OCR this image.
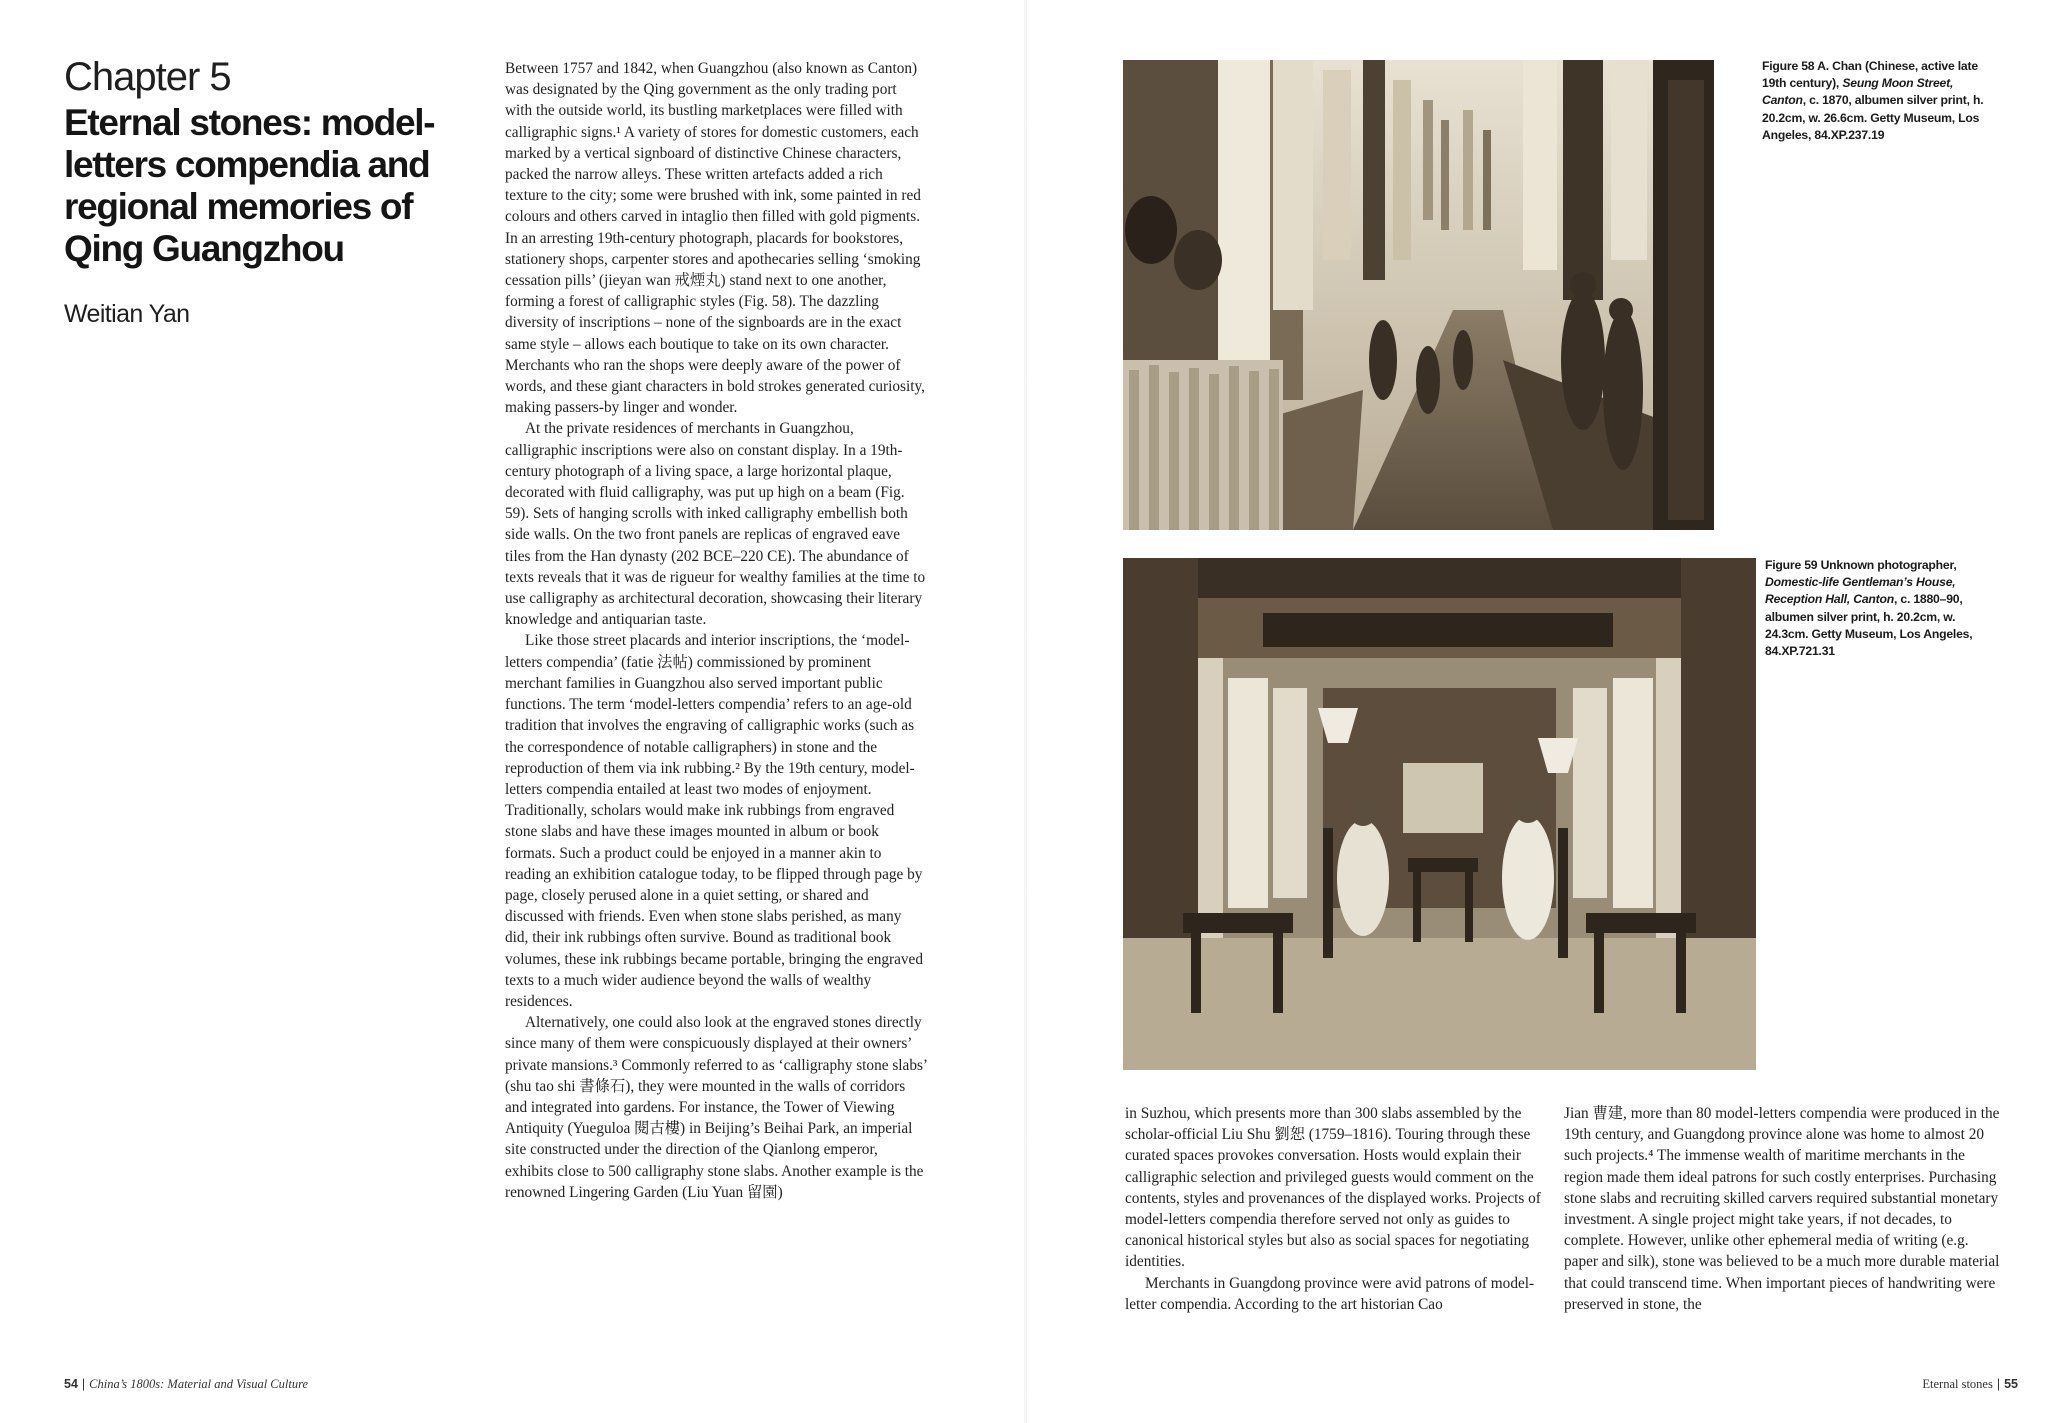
Chapter 5
Eternal stones: model-letters compendia and regional memories of Qing Guangzhou
Weitian Yan

Between 1757 and 1842, when Guangzhou (also known as Canton) was designated by the Qing government as the only trading port with the outside world, its bustling marketplaces were filled with calligraphic signs.¹ A variety of stores for domestic customers, each marked by a vertical signboard of distinctive Chinese characters, packed the narrow alleys. These written artefacts added a rich texture to the city; some were brushed with ink, some painted in red colours and others carved in intaglio then filled with gold pigments. In an arresting 19th-century photograph, placards for bookstores, stationery shops, carpenter stores and apothecaries selling ‘smoking cessation pills’ (jieyan wan 戒煙丸) stand next to one another, forming a forest of calligraphic styles (Fig. 58). The dazzling diversity of inscriptions – none of the signboards are in the exact same style – allows each boutique to take on its own character. Merchants who ran the shops were deeply aware of the power of words, and these giant characters in bold strokes generated curiosity, making passers-by linger and wonder.

At the private residences of merchants in Guangzhou, calligraphic inscriptions were also on constant display. In a 19th-century photograph of a living space, a large horizontal plaque, decorated with fluid calligraphy, was put up high on a beam (Fig. 59). Sets of hanging scrolls with inked calligraphy embellish both side walls. On the two front panels are replicas of engraved eave tiles from the Han dynasty (202 BCE–220 CE). The abundance of texts reveals that it was de rigueur for wealthy families at the time to use calligraphy as architectural decoration, showcasing their literary knowledge and antiquarian taste.

Like those street placards and interior inscriptions, the ‘model-letters compendia’ (fatie 法帖) commissioned by prominent merchant families in Guangzhou also served important public functions. The term ‘model-letters compendia’ refers to an age-old tradition that involves the engraving of calligraphic works (such as the correspondence of notable calligraphers) in stone and the reproduction of them via ink rubbing.² By the 19th century, model-letters compendia entailed at least two modes of enjoyment. Traditionally, scholars would make ink rubbings from engraved stone slabs and have these images mounted in album or book formats. Such a product could be enjoyed in a manner akin to reading an exhibition catalogue today, to be flipped through page by page, closely perused alone in a quiet setting, or shared and discussed with friends. Even when stone slabs perished, as many did, their ink rubbings often survive. Bound as traditional book volumes, these ink rubbings became portable, bringing the engraved texts to a much wider audience beyond the walls of wealthy residences.

Alternatively, one could also look at the engraved stones directly since many of them were conspicuously displayed at their owners’ private mansions.³ Commonly referred to as ‘calligraphy stone slabs’ (shu tao shi 書條石), they were mounted in the walls of corridors and integrated into gardens. For instance, the Tower of Viewing Antiquity (Yueguloa 閱古樓) in Beijing’s Beihai Park, an imperial site constructed under the direction of the Qianlong emperor, exhibits close to 500 calligraphy stone slabs. Another example is the renowned Lingering Garden (Liu Yuan 留園)

54 | China’s 1800s: Material and Visual Culture
Figure 58 A. Chan (Chinese, active late 19th century), Seung Moon Street, Canton, c. 1870, albumen silver print, h. 20.2cm, w. 26.6cm. Getty Museum, Los Angeles, 84.XP.237.19
Figure 59 Unknown photographer, Domestic-life Gentleman’s House, Reception Hall, Canton, c. 1880–90, albumen silver print, h. 20.2cm, w. 24.3cm. Getty Museum, Los Angeles, 84.XP.721.31

in Suzhou, which presents more than 300 slabs assembled by the scholar-official Liu Shu 劉恕 (1759–1816). Touring through these curated spaces provokes conversation. Hosts would explain their calligraphic selection and privileged guests would comment on the contents, styles and provenances of the displayed works. Projects of model-letters compendia therefore served not only as guides to canonical historical styles but also as social spaces for negotiating identities.

Merchants in Guangdong province were avid patrons of model-letter compendia. According to the art historian Cao

Jian 曹建, more than 80 model-letters compendia were produced in the 19th century, and Guangdong province alone was home to almost 20 such projects.⁴ The immense wealth of maritime merchants in the region made them ideal patrons for such costly enterprises. Purchasing stone slabs and recruiting skilled carvers required substantial monetary investment. A single project might take years, if not decades, to complete. However, unlike other ephemeral media of writing (e.g. paper and silk), stone was believed to be a much more durable material that could transcend time. When important pieces of handwriting were preserved in stone, the

Eternal stones | 55
